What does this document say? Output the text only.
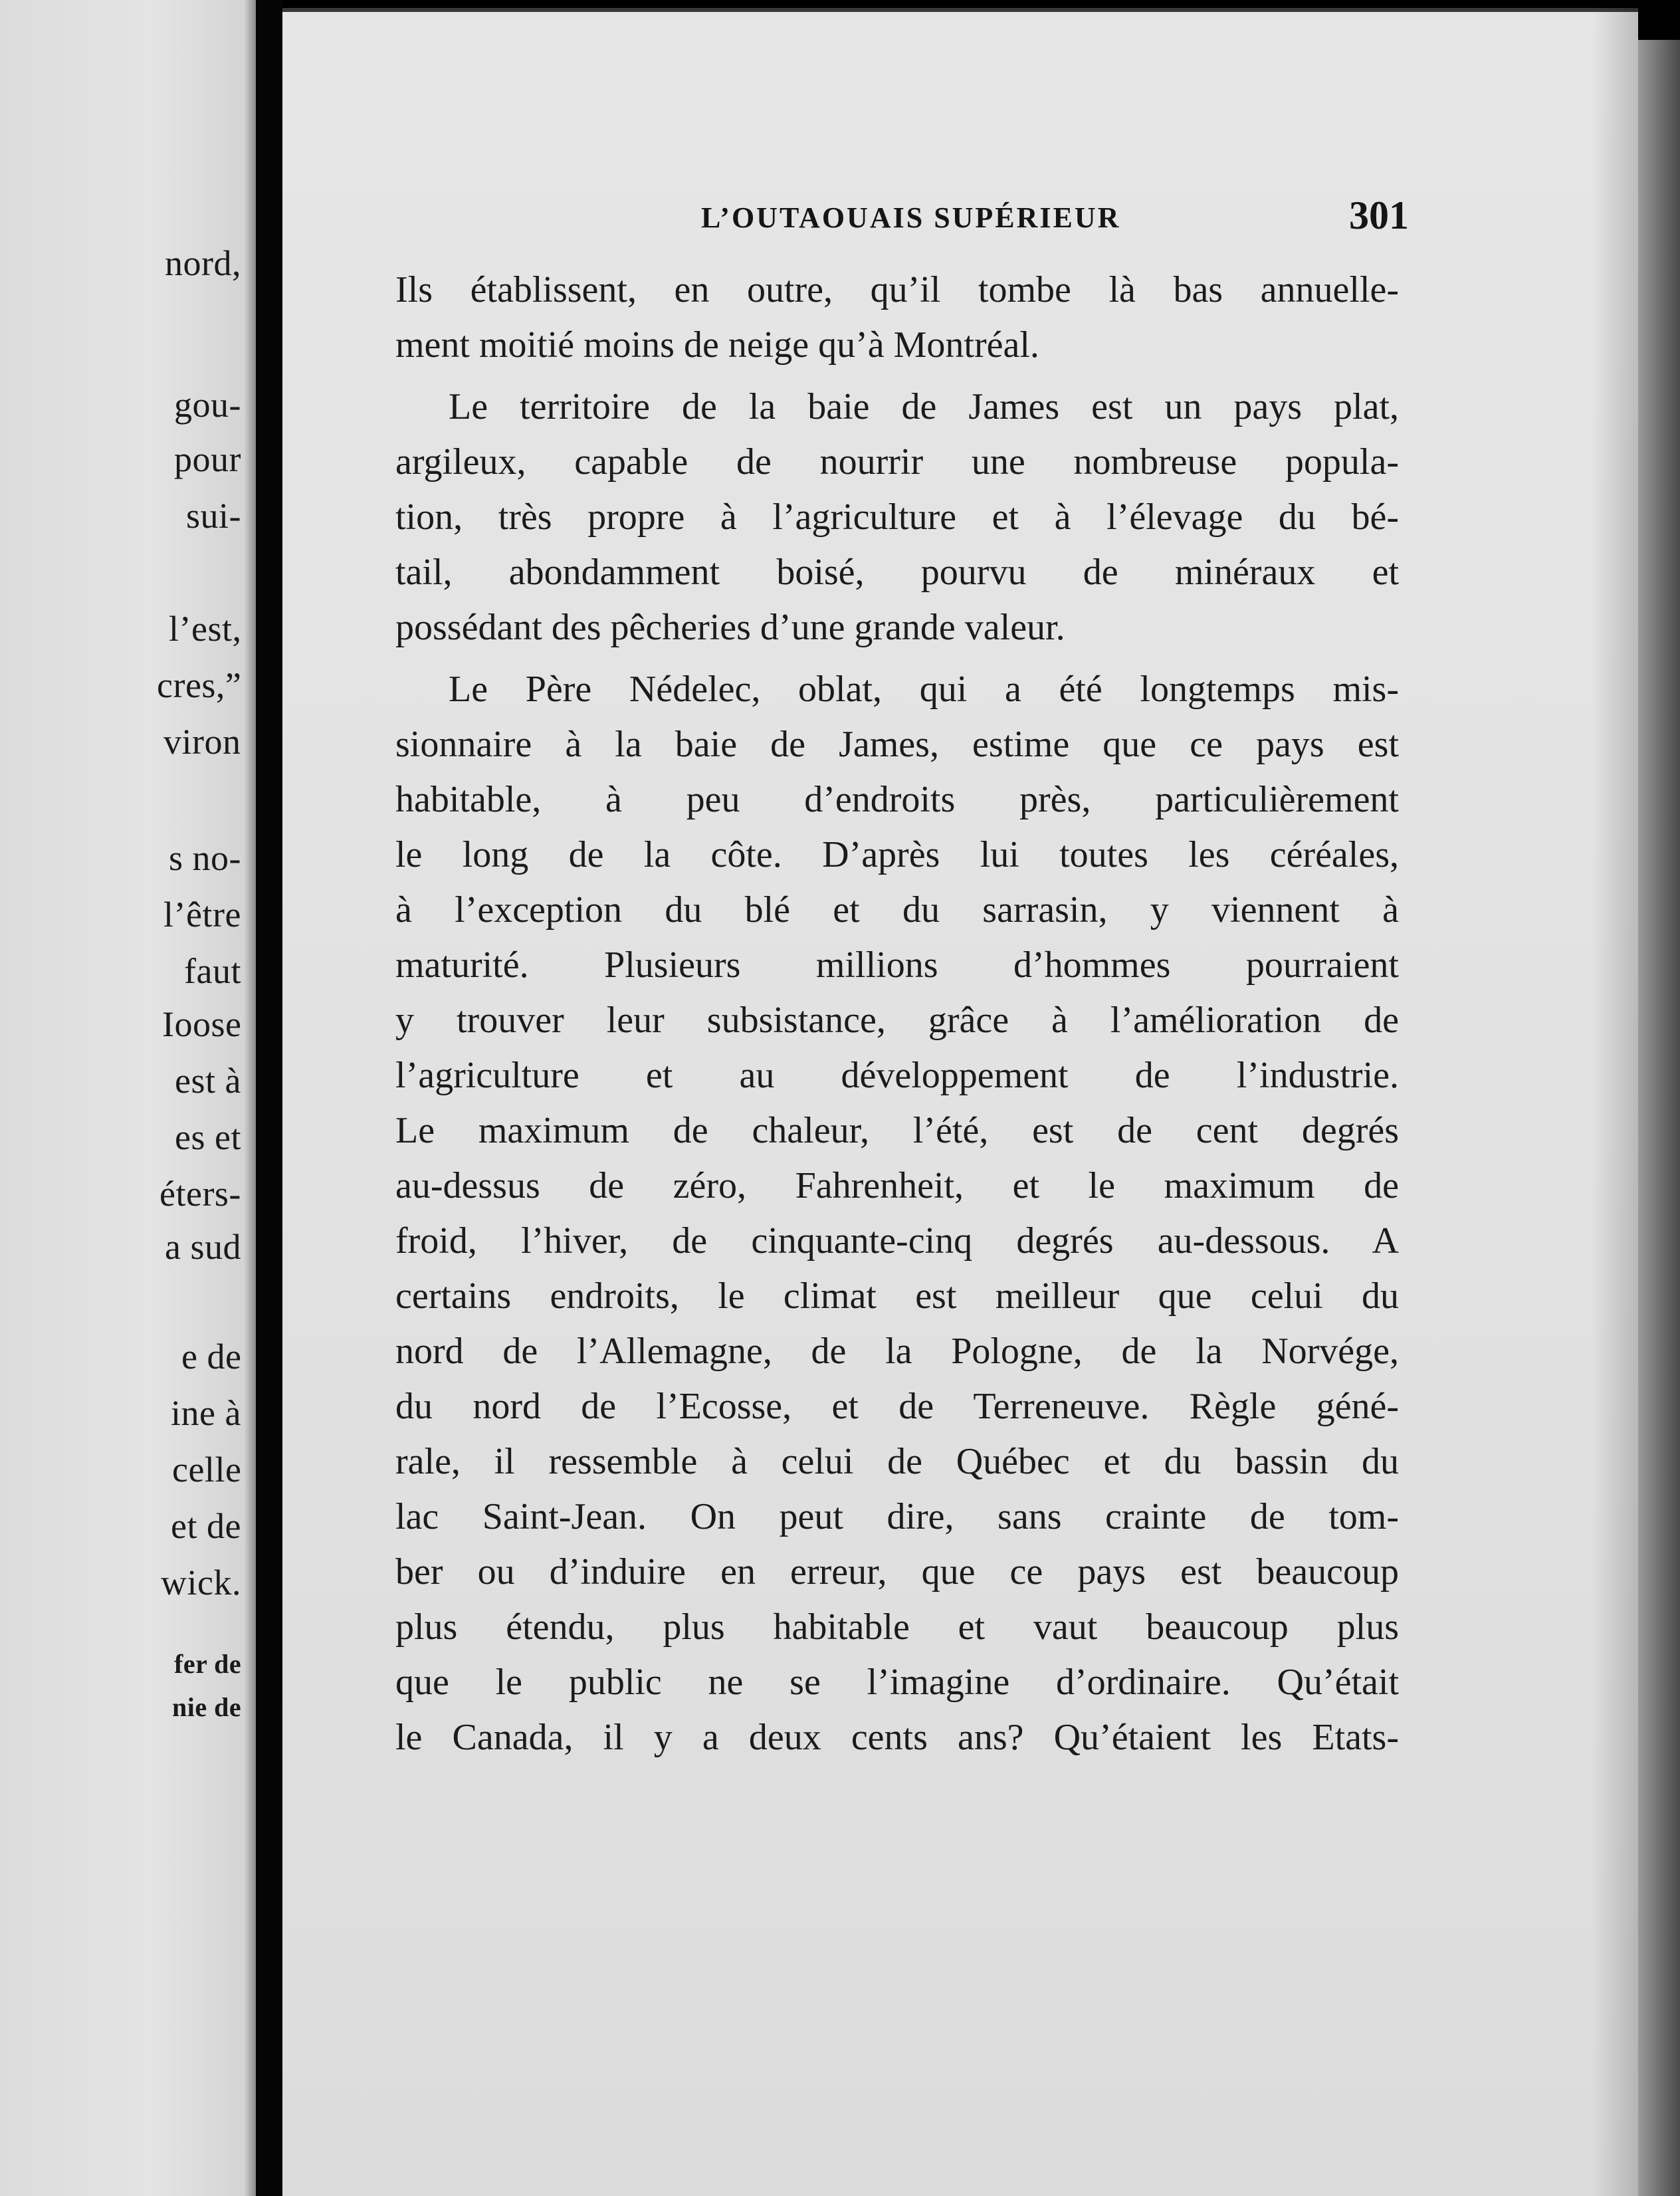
nord,
gou-
pour
sui-
l’est,
cres,”
viron
s no-
l’être
faut
Ioose
est à
es et
éters-
a sud
e de
ine à
celle
et de
wick.
fer de
nie de
L’OUTAOUAIS SUPÉRIEUR	301
Ils établissent, en outre, qu’il tombe là bas annuelle-
ment moitié moins de neige qu’à Montréal.
Le territoire de la baie de James est un pays plat,
argileux, capable de nourrir une nombreuse popula-
tion, très propre à l’agriculture et à l’élevage du bé-
tail, abondamment boisé, pourvu de minéraux et
possédant des pêcheries d’une grande valeur.
Le Père Nédelec, oblat, qui a été longtemps mis-
sionnaire à la baie de James, estime que ce pays est
habitable, à peu d’endroits près, particulièrement
le long de la côte. D’après lui toutes les céréales,
à l’exception du blé et du sarrasin, y viennent à
maturité. Plusieurs millions d’hommes pourraient
y trouver leur subsistance, grâce à l’amélioration de
l’agriculture et au développement de l’industrie.
Le maximum de chaleur, l’été, est de cent degrés
au-dessus de zéro, Fahrenheit, et le maximum de
froid, l’hiver, de cinquante-cinq degrés au-dessous. A
certains endroits, le climat est meilleur que celui du
nord de l’Allemagne, de la Pologne, de la Norvége,
du nord de l’Ecosse, et de Terreneuve. Règle géné-
rale, il ressemble à celui de Québec et du bassin du
lac Saint-Jean. On peut dire, sans crainte de tom-
ber ou d’induire en erreur, que ce pays est beaucoup
plus étendu, plus habitable et vaut beaucoup plus
que le public ne se l’imagine d’ordinaire. Qu’était
le Canada, il y a deux cents ans? Qu’étaient les Etats-
